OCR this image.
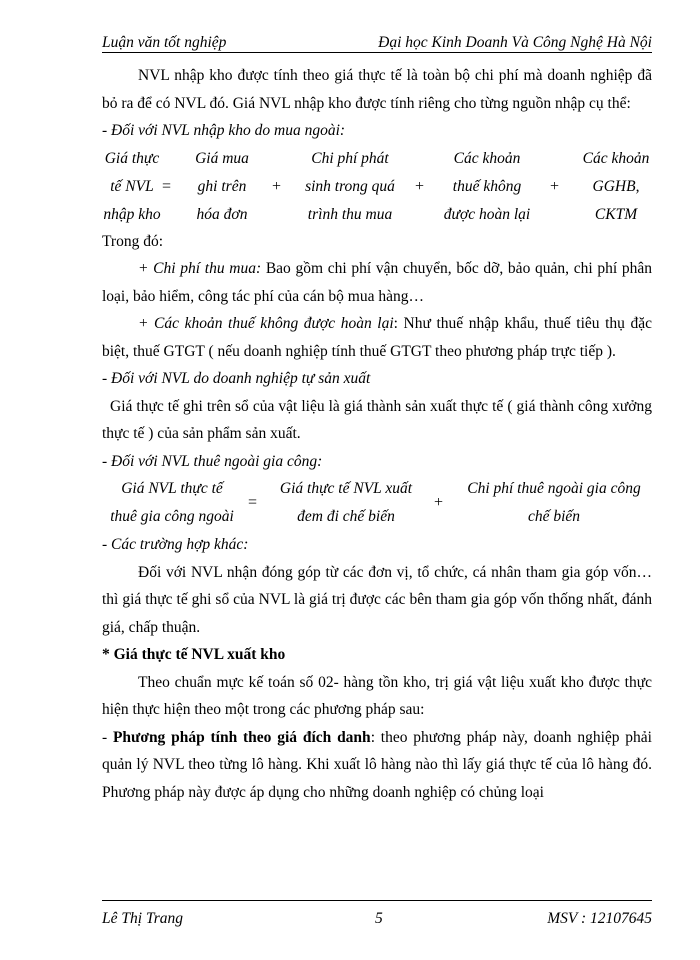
Luận văn tốt nghiệp	Đại học Kinh Doanh Và Công Nghệ Hà Nội

NVL nhập kho được tính theo giá thực tế là toàn bộ chi phí mà doanh nghiệp đã bỏ ra để có NVL đó. Giá NVL nhập kho được tính riêng cho từng nguồn nhập cụ thể:

- Đối với NVL nhập kho do mua ngoài:

Giá thực
tế NVL
nhập kho
=
Giá mua
ghi trên
hóa đơn
+
Chi phí phát
sinh trong quá
trình thu mua
+
Các khoản
thuế không
được hoàn lại
+
Các khoản
GGHB,
CKTM

Trong đó:

+ Chi phí thu mua: Bao gồm chi phí vận chuyển, bốc dỡ, bảo quản, chi phí phân loại, bảo hiểm, công tác phí của cán bộ mua hàng…

+ Các khoản thuế không được hoàn lại: Như thuế nhập khẩu, thuế tiêu thụ đặc biệt, thuế GTGT ( nếu doanh nghiệp tính thuế GTGT theo phương pháp trực tiếp ).

- Đối với NVL do doanh nghiệp tự sản xuất

Giá thực tế ghi trên sổ của vật liệu là giá thành sản xuất thực tế ( giá thành công xưởng thực tế ) của sản phẩm sản xuất.

- Đối với NVL thuê ngoài gia công:

Giá NVL thực tế
thuê gia công ngoài
=
Giá thực tế NVL xuất
đem đi chế biến
+
Chi phí thuê ngoài gia công
chế biến

- Các trường hợp khác:

Đối với NVL nhận đóng góp từ các đơn vị, tổ chức, cá nhân tham gia góp vốn… thì giá thực tế ghi sổ của NVL là giá trị được các bên tham gia góp vốn thống nhất, đánh giá, chấp thuận.

* Giá thực tế NVL xuất kho

Theo chuẩn mực kế toán số 02- hàng tồn kho, trị giá vật liệu xuất kho được thực hiện thực hiện theo một trong các phương pháp sau:

- Phương pháp tính theo giá đích danh: theo phương pháp này, doanh nghiệp phải quản lý NVL theo từng lô hàng. Khi xuất lô hàng nào thì lấy giá thực tế của lô hàng đó. Phương pháp này được áp dụng cho những doanh nghiệp có chủng loại

Lê Thị Trang	5	MSV : 12107645
